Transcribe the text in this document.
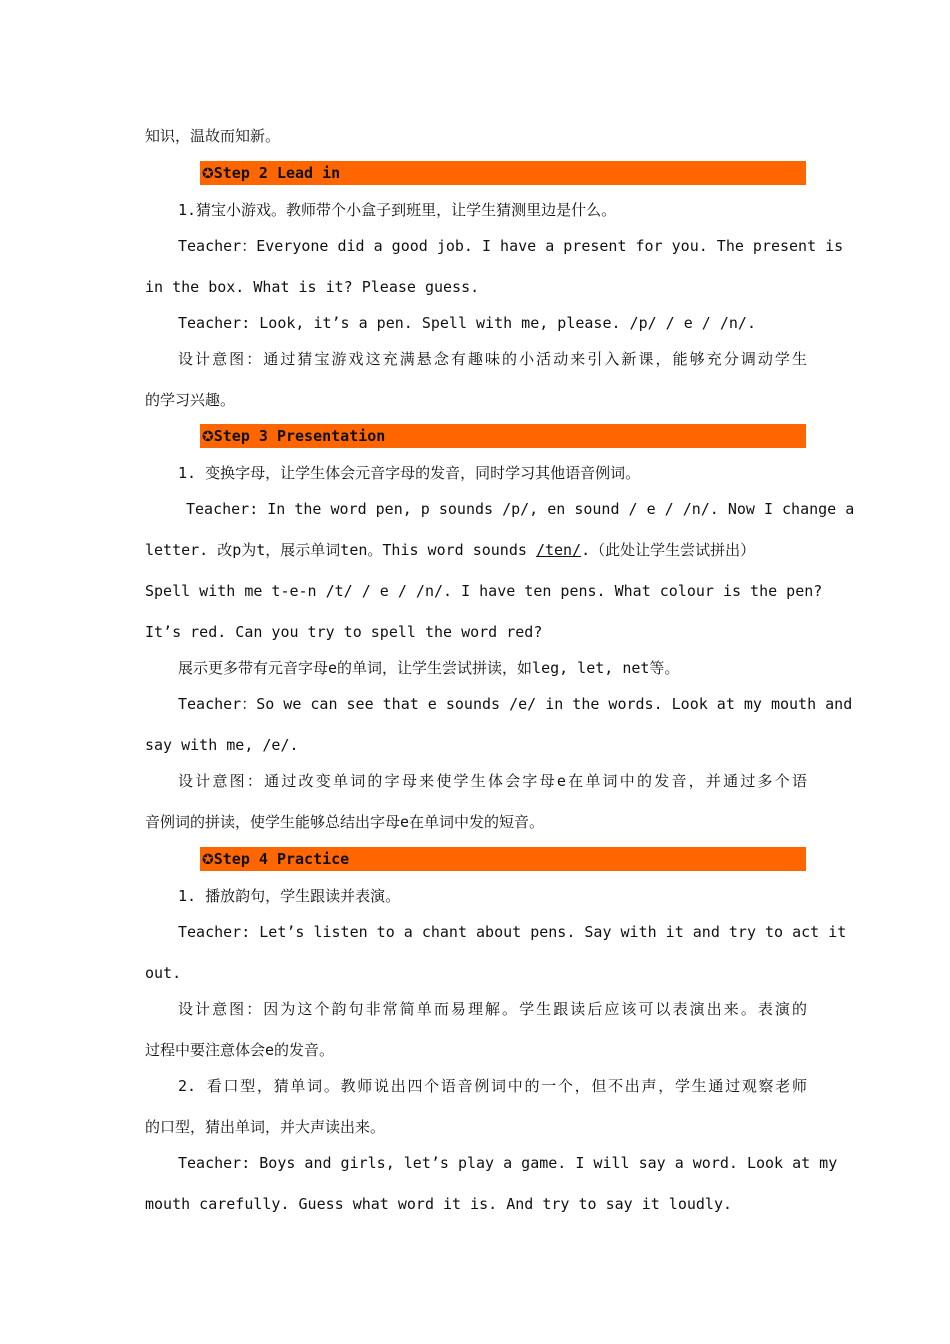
知识，温故而知新。
✪Step 2 Lead in
1.猜宝小游戏。教师带个小盒子到班里，让学生猜测里边是什么。
Teacher：Everyone did a good job. I have a present for you. The present is
in the box. What is it? Please guess.
Teacher: Look, it’s a pen. Spell with me, please. /p/ / e / /n/.
设计意图：通过猜宝游戏这充满悬念有趣味的小活动来引入新课，能够充分调动学生
的学习兴趣。
✪Step 3 Presentation
1. 变换字母，让学生体会元音字母的发音，同时学习其他语音例词。
Teacher: In the word pen, p sounds /p/, en sound / e / /n/. Now I change a
letter. 改p为t，展示单词ten。This word sounds /ten/.（此处让学生尝试拼出）
Spell with me t-e-n /t/ / e / /n/. I have ten pens. What colour is the pen?
It’s red. Can you try to spell the word red?
展示更多带有元音字母e的单词，让学生尝试拼读，如leg, let, net等。
Teacher：So we can see that e sounds /e/ in the words. Look at my mouth and
say with me, /e/.
设计意图：通过改变单词的字母来使学生体会字母e在单词中的发音，并通过多个语
音例词的拼读，使学生能够总结出字母e在单词中发的短音。
✪Step 4 Practice
1. 播放韵句，学生跟读并表演。
Teacher: Let’s listen to a chant about pens. Say with it and try to act it
out.
设计意图：因为这个韵句非常简单而易理解。学生跟读后应该可以表演出来。表演的
过程中要注意体会e的发音。
2. 看口型，猜单词。教师说出四个语音例词中的一个，但不出声，学生通过观察老师
的口型，猜出单词，并大声读出来。
Teacher: Boys and girls, let’s play a game. I will say a word. Look at my
mouth carefully. Guess what word it is. And try to say it loudly.
